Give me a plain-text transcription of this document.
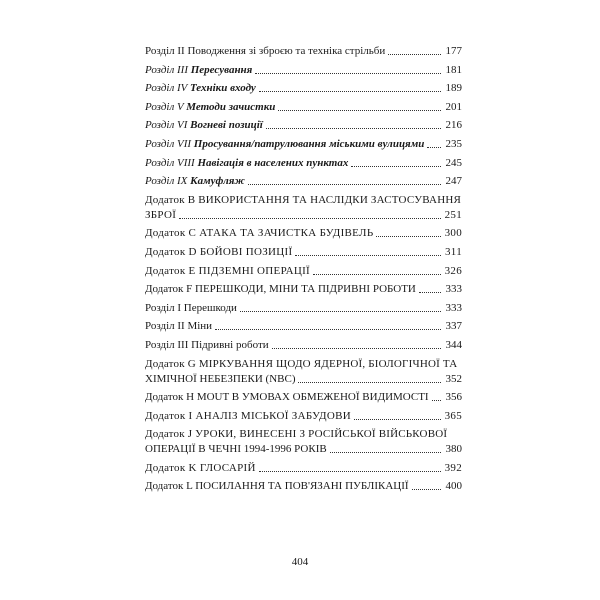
Розділ II Поводження зі зброєю та техніка стрільби	177
Розділ III Пересування	181
Розділ IV Техніки входу	189
Розділ V Методи зачистки	201
Розділ VI Вогневі позиції	216
Розділ VII Просування/патрулювання міськими вулицями 235
Розділ VIII Навігація в населених пунктах	245
Розділ IX Камуфляж	247
Додаток В ВИКОРИСТАННЯ ТА НАСЛІДКИ ЗАСТОСУВАННЯ
ЗБРОЇ	251
Додаток С АТАКА ТА ЗАЧИСТКА БУДІВЕЛЬ	300
Додаток D БОЙОВІ ПОЗИЦІЇ	311
Додаток E ПІДЗЕМНІ ОПЕРАЦІЇ	326
Додаток F ПЕРЕШКОДИ, МІНИ ТА ПІДРИВНІ РОБОТИ	333
Розділ I Перешкоди	333
Розділ II Міни	337
Розділ III Підривні роботи	344
Додаток G МІРКУВАННЯ ЩОДО ЯДЕРНОЇ, БІОЛОГІЧНОЇ ТА
ХІМІЧНОЇ НЕБЕЗПЕКИ (NBC)	352
Додаток H MOUT В УМОВАХ ОБМЕЖЕНОЇ ВИДИМОСТІ 356
Додаток I АНАЛІЗ МІСЬКОЇ ЗАБУДОВИ	365
Додаток J УРОКИ, ВИНЕСЕНІ З РОСІЙСЬКОЇ ВІЙСЬКОВОЇ
ОПЕРАЦІЇ В ЧЕЧНІ 1994-1996 РОКІВ	380
Додаток K ГЛОСАРІЙ	392
Додаток L ПОСИЛАННЯ ТА ПОВ'ЯЗАНІ ПУБЛІКАЦІЇ	400
404
